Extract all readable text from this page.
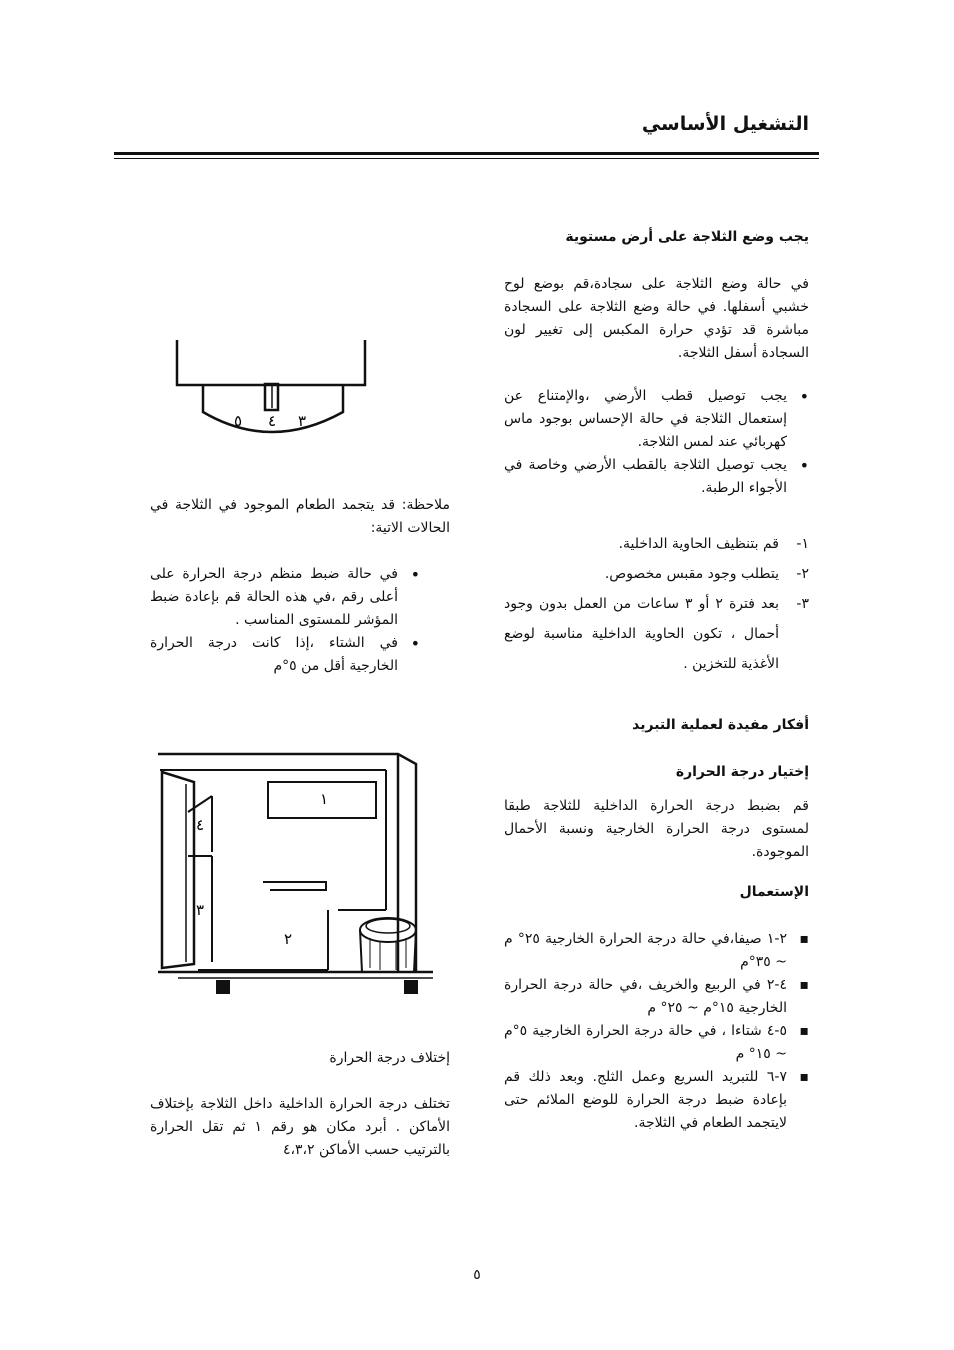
التشغيل الأساسي
يجب وضع الثلاجة على أرض مستوية
في حالة وضع الثلاجة على سجادة،قم بوضع لوح خشبي أسفلها. في حالة وضع الثلاجة على السجادة مباشرة قد تؤدي حرارة المكبس إلى تغيير لون السجادة أسفل الثلاجة.
• يجب توصيل قطب الأرضي ،والإمتناع عن إستعمال الثلاجة في حالة الإحساس بوجود ماس كهربائي عند لمس الثلاجة.
• يجب توصيل الثلاجة بالقطب الأرضي وخاصة في الأجواء الرطبة.
١-
قم بتنظيف الحاوية الداخلية.
٢-
يتطلب وجود مقبس مخصوص.
٣-
بعد فترة ٢ أو ٣ ساعات من العمل بدون وجود أحمال ، تكون الحاوية الداخلية مناسبة لوضع الأغذية للتخزين .
أفكار مفيدة لعملية التبريد
إختيار درجة الحرارة
قم بضبط درجة الحرارة الداخلية للثلاجة طبقا لمستوى درجة الحرارة الخارجية ونسبة الأحمال الموجودة.
الإستعمال
▪ ٢-١ صيفا،في حالة درجة الحرارة الخارجية ٢٥° م ~ ٣٥°م
▪ ٤-٢ في الربيع والخريف ،في حالة درجة الحرارة الخارجية ١٥°م ~ ٢٥° م
▪ ٥-٤ شتاءا ، في حالة درجة الحرارة الخارجية ٥°م ~ ١٥° م
▪ ٧-٦ للتبريد السريع وعمل الثلج. وبعد ذلك قم بإعادة ضبط درجة الحرارة للوضع الملائم حتى لايتجمد الطعام في الثلاجة.
٥ ٤ ٣
ملاحظة: قد يتجمد الطعام الموجود في الثلاجة في الحالات الاتية:
• في حالة ضبط منظم درجة الحرارة على أعلى رقم ،في هذه الحالة قم بإعادة ضبط المؤشر للمستوى المناسب .
• في الشتاء ،إذا كانت درجة الحرارة الخارجية أقل من ٥°م
١
٢
٣
٤
إختلاف درجة الحرارة
تختلف درجة الحرارة الداخلية داخل الثلاجة بإختلاف الأماكن . أبرد مكان هو رقم ١ ثم تقل الحرارة بالترتيب حسب الأماكن ٤،٣،٢
٥
